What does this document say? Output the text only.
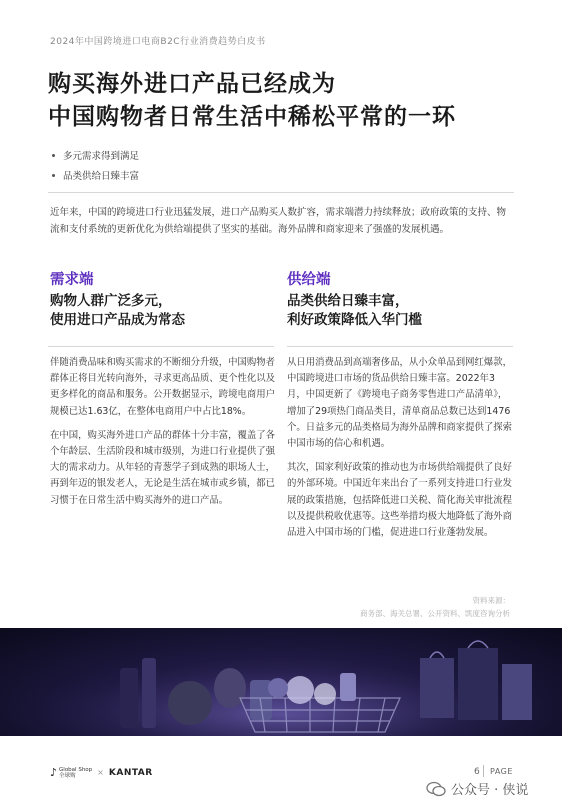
2024年中国跨境进口电商B2C行业消费趋势白皮书
购买海外进口产品已经成为
中国购物者日常生活中稀松平常的一环
多元需求得到满足
品类供给日臻丰富
近年来，中国的跨境进口行业迅猛发展，进口产品购买人数扩容，需求端潜力持续释放；政府政策的支持、物流和支付系统的更新优化为供给端提供了坚实的基础。海外品牌和商家迎来了强盛的发展机遇。
需求端
购物人群广泛多元，
使用进口产品成为常态

伴随消费品味和购买需求的不断细分升级，中国购物者群体正将目光转向海外，寻求更高品质、更个性化以及更多样化的商品和服务。公开数据显示，跨境电商用户规模已达1.63亿，在整体电商用户中占比18%。

在中国，购买海外进口产品的群体十分丰富，覆盖了各个年龄层、生活阶段和城市级别，为进口行业提供了强大的需求动力。从年轻的青葱学子到成熟的职场人士，再到年迈的银发老人，无论是生活在城市或乡镇，都已习惯于在日常生活中购买海外的进口产品。

供给端
品类供给日臻丰富，
利好政策降低入华门槛

从日用消费品到高端奢侈品，从小众单品到网红爆款，中国跨境进口市场的货品供给日臻丰富。2022年3月，中国更新了《跨境电子商务零售进口产品清单》，增加了29项热门商品类目，清单商品总数已达到1476个。日益多元的品类格局为海外品牌和商家提供了探索中国市场的信心和机遇。

其次，国家利好政策的推动也为市场供给端提供了良好的外部环境。中国近年来出台了一系列支持进口行业发展的政策措施，包括降低进口关税、简化海关审批流程以及提供税收优惠等。这些举措均极大地降低了海外商品进入中国市场的门槛，促进进口行业蓬勃发展。

资料来源：
商务部、海关总署、公开资料、凯度咨询分析
♪ Global Shop
全球购	× KANTAR	6 PAGE
公众号 · 侠说
